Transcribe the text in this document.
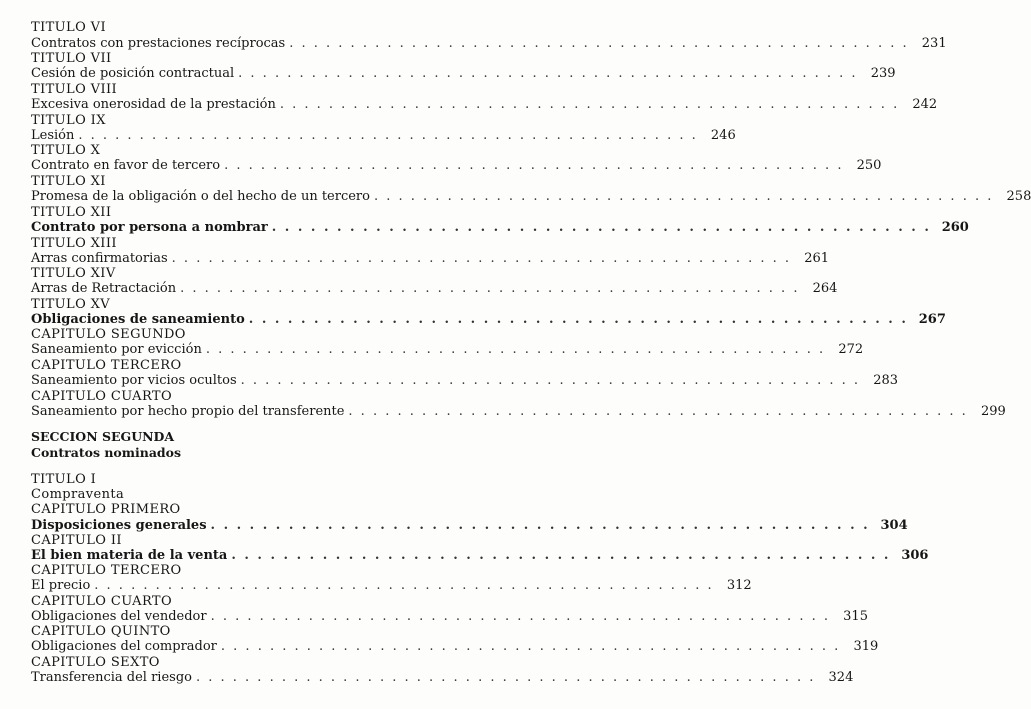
TITULO VI
Contratos con prestaciones recíprocas . . . . . . . . . . . . . . . . . . . . . . . . . . . . . . . . . . . . . . . . . . . . . . . . . . .	231
TITULO VII
Cesión de posición contractual . . . . . . . . . . . . . . . . . . . . . . . . . . . . . . . . . . . . . . . . . . . . . . . . . . .	239
TITULO VIII
Excesiva onerosidad de la prestación . . . . . . . . . . . . . . . . . . . . . . . . . . . . . . . . . . . . . . . . . . . . . . . . . . .	242
TITULO IX
Lesión . . . . . . . . . . . . . . . . . . . . . . . . . . . . . . . . . . . . . . . . . . . . . . . . . . .	246
TITULO X
Contrato en favor de tercero . . . . . . . . . . . . . . . . . . . . . . . . . . . . . . . . . . . . . . . . . . . . . . . . . . .	250
TITULO XI
Promesa de la obligación o del hecho de un tercero . . . . . . . . . . . . . . . . . . . . . . . . . . . . . . . . . . . . . . . . . . . . . . . . . . .	258
TITULO XII
Contrato por persona a nombrar . . . . . . . . . . . . . . . . . . . . . . . . . . . . . . . . . . . . . . . . . . . . . . . . . . . 260
TITULO XIII
Arras confirmatorias . . . . . . . . . . . . . . . . . . . . . . . . . . . . . . . . . . . . . . . . . . . . . . . . . . .	261
TITULO XIV
Arras de Retractación . . . . . . . . . . . . . . . . . . . . . . . . . . . . . . . . . . . . . . . . . . . . . . . . . . .	264
TITULO XV
Obligaciones de saneamiento . . . . . . . . . . . . . . . . . . . . . . . . . . . . . . . . . . . . . . . . . . . . . . . . . . . 267
CAPITULO SEGUNDO
Saneamiento por evicción . . . . . . . . . . . . . . . . . . . . . . . . . . . . . . . . . . . . . . . . . . . . . . . . . . .	272
CAPITULO TERCERO
Saneamiento por vicios ocultos . . . . . . . . . . . . . . . . . . . . . . . . . . . . . . . . . . . . . . . . . . . . . . . . . . .	283
CAPITULO CUARTO
Saneamiento por hecho propio del transferente . . . . . . . . . . . . . . . . . . . . . . . . . . . . . . . . . . . . . . . . . . . . . . . . . . .	299
SECCION SEGUNDA
Contratos nominados
TITULO I
Compraventa
CAPITULO PRIMERO
Disposiciones generales . . . . . . . . . . . . . . . . . . . . . . . . . . . . . . . . . . . . . . . . . . . . . . . . . . . 304
CAPITULO II
El bien materia de la venta . . . . . . . . . . . . . . . . . . . . . . . . . . . . . . . . . . . . . . . . . . . . . . . . . . . 306
CAPITULO TERCERO
El precio . . . . . . . . . . . . . . . . . . . . . . . . . . . . . . . . . . . . . . . . . . . . . . . . . . .	312
CAPITULO CUARTO
Obligaciones del vendedor . . . . . . . . . . . . . . . . . . . . . . . . . . . . . . . . . . . . . . . . . . . . . . . . . . .	315
CAPITULO QUINTO
Obligaciones del comprador . . . . . . . . . . . . . . . . . . . . . . . . . . . . . . . . . . . . . . . . . . . . . . . . . . .	319
CAPITULO SEXTO
Transferencia del riesgo . . . . . . . . . . . . . . . . . . . . . . . . . . . . . . . . . . . . . . . . . . . . . . . . . . .	324
